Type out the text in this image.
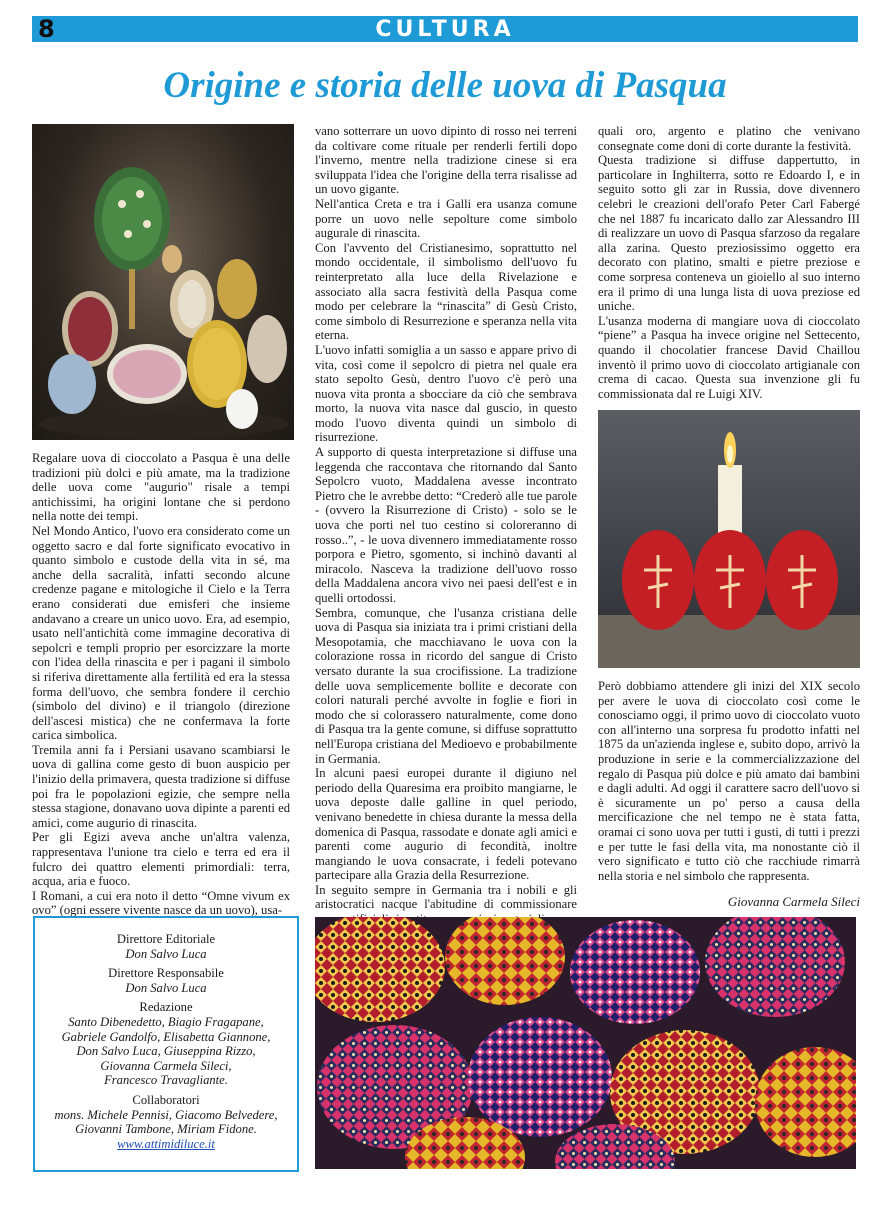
8	CULTURA
Origine e storia delle uova di Pasqua

Regalare uova di cioccolato a Pasqua è una delle tradizioni più dolci e più amate, ma la tradizione delle uova come "augurio" risale a tempi antichissimi, ha origini lontane che si perdono nella notte dei tempi.

Nel Mondo Antico, l'uovo era considerato come un oggetto sacro e dal forte significato evocativo in quanto simbolo e custode della vita in sé, ma anche della sacralità, infatti secondo alcune credenze pagane e mitologiche il Cielo e la Terra erano considerati due emisferi che insieme andavano a creare un unico uovo. Era, ad esempio, usato nell'antichità come immagine decorativa di sepolcri e templi proprio per esorcizzare la morte con l'idea della rinascita e per i pagani il simbolo si riferiva direttamente alla fertilità ed era la stessa forma dell'uovo, che sembra fondere il cerchio (simbolo del divino) e il triangolo (direzione dell'ascesi mistica) che ne confermava la forte carica simbolica.

Tremila anni fa i Persiani usavano scambiarsi le uova di gallina come gesto di buon auspicio per l'inizio della primavera, questa tradizione si diffuse poi fra le popolazioni egizie, che sempre nella stessa stagione, donavano uova dipinte a parenti ed amici, come augurio di rinascita.

Per gli Egizi aveva anche un'altra valenza, rappresentava l'unione tra cielo e terra ed era il fulcro dei quattro elementi primordiali: terra, acqua, aria e fuoco.

I Romani, a cui era noto il detto “Omne vivum ex ovo” (ogni essere vivente nasce da un uovo), usa-

vano sotterrare un uovo dipinto di rosso nei terreni da coltivare come rituale per renderli fertili dopo l'inverno, mentre nella tradizione cinese si era sviluppata l'idea che l'origine della terra risalisse ad un uovo gigante.

Nell'antica Creta e tra i Galli era usanza comune porre un uovo nelle sepolture come simbolo augurale di rinascita.

Con l'avvento del Cristianesimo, soprattutto nel mondo occidentale, il simbolismo dell'uovo fu reinterpretato alla luce della Rivelazione e associato alla sacra festività della Pasqua come modo per celebrare la “rinascita” di Gesù Cristo, come simbolo di Resurrezione e speranza nella vita eterna.

L'uovo infatti somiglia a un sasso e appare privo di vita, così come il sepolcro di pietra nel quale era stato sepolto Gesù, dentro l'uovo c'è però una nuova vita pronta a sbocciare da ciò che sembrava morto, la nuova vita nasce dal guscio, in questo modo l'uovo diventa quindi un simbolo di risurrezione.

A supporto di questa interpretazione si diffuse una leggenda che raccontava che ritornando dal Santo Sepolcro vuoto, Maddalena avesse incontrato Pietro che le avrebbe detto: “Crederò alle tue parole - (ovvero la Risurrezione di Cristo) - solo se le uova che porti nel tuo cestino si coloreranno di rosso..”, - le uova divennero immediatamente rosso porpora e Pietro, sgomento, si inchinò davanti al miracolo. Nasceva la tradizione dell'uovo rosso della Maddalena ancora vivo nei paesi dell'est e in quelli ortodossi.

Sembra, comunque, che l'usanza cristiana delle uova di Pasqua sia iniziata tra i primi cristiani della Mesopotamia, che macchiavano le uova con la colorazione rossa in ricordo del sangue di Cristo versato durante la sua crocifissione. La tradizione delle uova semplicemente bollite e decorate con colori naturali perché avvolte in foglie e fiori in modo che si colorassero naturalmente, come dono di Pasqua tra la gente comune, si diffuse soprattutto nell'Europa cristiana del Medioevo e probabilmente in Germania.

In alcuni paesi europei durante il digiuno nel periodo della Quaresima era proibito mangiarne, le uova deposte dalle galline in quel periodo, venivano benedette in chiesa durante la messa della domenica di Pasqua, rassodate e donate agli amici e parenti come augurio di fecondità, inoltre mangiando le uova consacrate, i fedeli potevano partecipare alla Grazia della Resurrezione.

In seguito sempre in Germania tra i nobili e gli aristocratici nacque l'abitudine di commissionare

quali oro, argento e platino che venivano consegnate come doni di corte durante la festività.

Questa tradizione si diffuse dappertutto, in particolare in Inghilterra, sotto re Edoardo I, e in seguito sotto gli zar in Russia, dove divennero celebri le creazioni dell'orafo Peter Carl Fabergé che nel 1887 fu incaricato dallo zar Alessandro III di realizzare un uovo di Pasqua sfarzoso da regalare alla zarina. Questo preziosissimo oggetto era decorato con platino, smalti e pietre preziose e come sorpresa conteneva un gioiello al suo interno era il primo di una lunga lista di uova preziose ed uniche.

L'usanza moderna di mangiare uova di cioccolato “piene” a Pasqua ha invece origine nel Settecento, quando il chocolatier francese David Chaillou inventò il primo uovo di cioccolato artigianale con crema di cacao. Questa sua invenzione gli fu commissionata dal re Luigi XIV.

Però dobbiamo attendere gli inizi del XIX secolo per avere le uova di cioccolato così come le conosciamo oggi, il primo uovo di cioccolato vuoto con all'interno una sorpresa fu prodotto infatti nel 1875 da un'azienda inglese e, subito dopo, arrivò la produzione in serie e la commercializzazione del regalo di Pasqua più dolce e più amato dai bambini e dagli adulti. Ad oggi il carattere sacro dell'uovo si è sicuramente un po' perso a causa della mercificazione che nel tempo ne è stata fatta, oramai ci sono uova per tutti i gusti, di tutti i prezzi e per tutte le fasi della vita, ma nonostante ciò il vero significato e tutto ciò che racchiude rimarrà nella storia e nel simbolo che rappresenta.

Giovanna Carmela Sileci
Direttore Editoriale
Don Salvo Luca
Direttore Responsabile
Don Salvo Luca
Redazione
Santo Dibenedetto, Biagio Fragapane,
Gabriele Gandolfo, Elisabetta Giannone,
Don Salvo Luca, Giuseppina Rizzo,
Giovanna Carmela Sileci,
Francesco Travagliante.
Collaboratori
mons. Michele Pennisi, Giacomo Belvedere,
Giovanni Tambone, Miriam Fidone.
www.attimidiluce.it
